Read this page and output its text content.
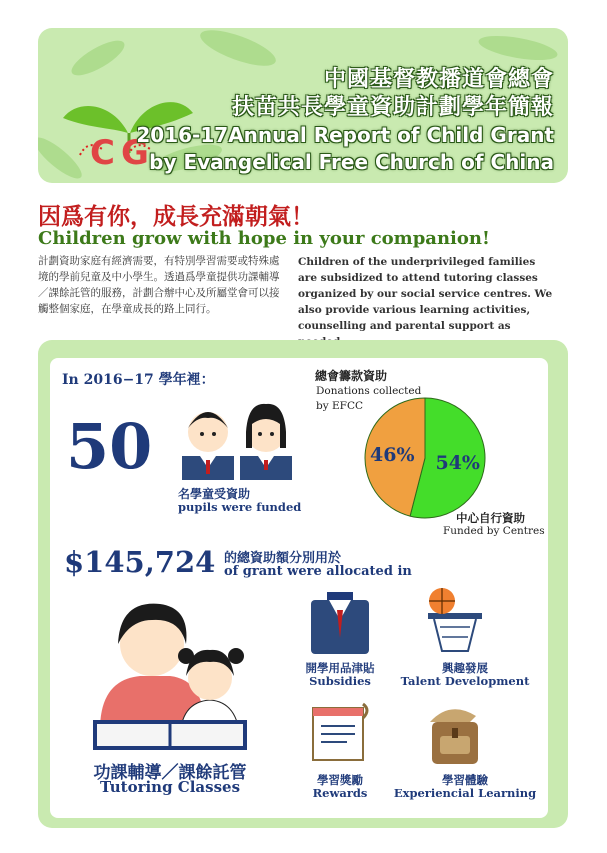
CG
中國基督教播道會總會
扶苗共長學童資助計劃學年簡報
2016-17Annual Report of Child Grant
by Evangelical Free Church of China
因爲有你，成長充滿朝氣！
Children grow with hope in your companion!
計劃資助家庭有經濟需要，有特別學習需要或特殊處境的學前兒童及中小學生。透過爲學童提供功課輔導／課餘託管的服務，計劃合辦中心及所屬堂會可以接觸整個家庭，在學童成長的路上同行。
Children of the underprivileged families are subsidized to attend tutoring classes organized by our social service centres. We also provide various learning activities, counselling and parental support as
In 2016−17 學年裡：
50
名學童受資助
pupils were funded
總會籌款資助
Donations collected by EFCC
54%
46%
中心自行資助
Funded by Centres
$145,724 的總資助額分別用於
of grant were allocated in
功課輔導／課餘託管
Tutoring Classes
開學用品津貼
Subsidies
興趣發展
Talent Development
學習獎勵
Rewards
學習體驗
Experiencial Learning
